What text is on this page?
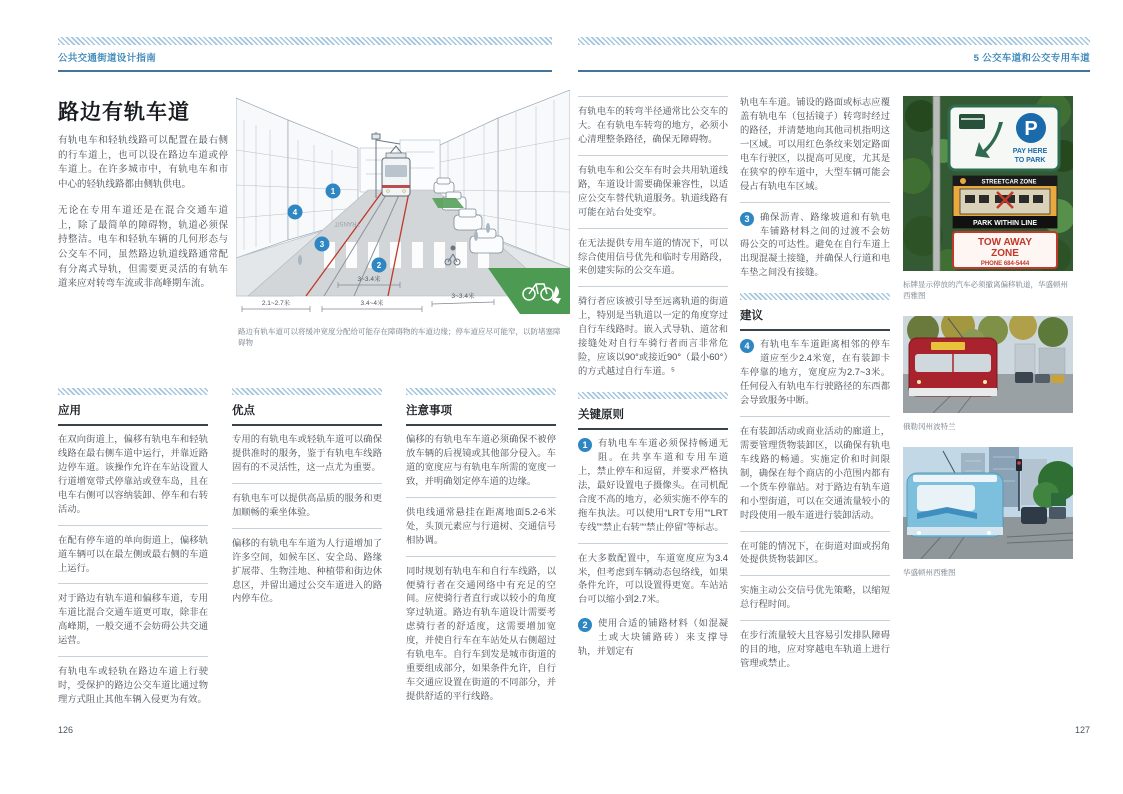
公共交通街道设计指南
路边有轨车道

有轨电车和轻轨线路可以配置在最右侧的行车道上，也可以设在路边车道或停车道上。在许多城市中，有轨电车和市中心的轻轨线路都由侧轨供电。

无论在专用车道还是在混合交通车道上，除了最简单的障碍物，轨道必须保持整洁。电车和轻轨车辆的几何形态与公交车不同，虽然路边轨道线路通常配有分离式导轨，但需要更灵活的有轨车道来应对转弯车流或非高峰期车流。

TRANSIT
1
2
3
4
2.1~2.7米	3.4~4米
3~3.4米
3~3.4米
路边有轨车道可以将缓冲宽度分配给可能存在障碍物的车道边缘；停车道应尽可能窄，以防堵塞障碍物
应用

在双向街道上，偏移有轨电车和轻轨线路在最右侧车道中运行，并靠近路边停车道。该操作允许在车站设置人行道增宽带式停靠站或登车岛，且在电车右侧可以容纳装卸、停车和右转活动。

在配有停车道的单向街道上，偏移轨道车辆可以在最左侧或最右侧的车道上运行。

对于路边有轨车道和偏移车道，专用车道比混合交通车道更可取，除非在高峰期，一般交通不会妨碍公共交通运营。

有轨电车或轻轨在路边车道上行驶时，受保护的路边公交车道比通过物理方式阻止其他车辆入侵更为有效。

优点

专用的有轨电车或轻轨车道可以确保提供准时的服务，鉴于有轨电车线路固有的不灵活性，这一点尤为重要。

有轨电车可以提供高品质的服务和更加顺畅的乘坐体验。

偏移的有轨电车车道为人行道增加了许多空间，如候车区、安全岛、路缘扩展带、生物洼地、种植带和街边休息区，并留出通过公交车道进入的路内停车位。

注意事项

偏移的有轨电车车道必须确保不被停放车辆的后视镜或其他部分侵入。车道的宽度应与有轨电车所需的宽度一致，并明确划定停车道的边缘。

供电线通常悬挂在距离地面5.2-6米处，头顶元素应与行道树、交通信号相协调。

同时规划有轨电车和自行车线路，以便骑行者在交通网络中有充足的空间。应使骑行者直行或以较小的角度穿过轨道。路边有轨车道设计需要考虑骑行者的舒适度，这需要增加宽度，并使自行车在车站处从右侧超过有轨电车。自行车到发是城市街道的重要组成部分，如果条件允许，自行车交通应设置在街道的不同部分，并提供舒适的平行线路。

126
5 公交车道和公交专用车道

有轨电车的转弯半径通常比公交车的大。在有轨电车转弯的地方，必须小心清理整条路径，确保无障碍物。

有轨电车和公交车有时会共用轨道线路，车道设计需要确保兼容性，以适应公交车替代轨道服务。轨道线路有可能在站台处变窄。

在无法提供专用车道的情况下，可以综合使用信号优先和临时专用路段，来创建实际的公交车道。

骑行者应该被引导至远离轨道的街道上，特别是当轨道以一定的角度穿过自行车线路时。嵌入式导轨、道岔和接缝处对自行车骑行者而言非常危险，应该以90°或接近90°（最小60°）的方式越过自行车道。⁵

关键原则
1	有轨电车车道必须保持畅通无阻。在共享车道和专用车道上，禁止停车和逗留，并要求严格执法，最好设置电子摄像头。在司机配合度不高的地方，必须实施不停车的拖车执法。可以使用“LRT专用”“LRT专线”“禁止右转”“禁止停留”等标志。

在大多数配置中，车道宽度应为3.4米，但考虑到车辆动态包络线，如果条件允许，可以设置得更宽。车站站台可以缩小到2.7米。

2	使用合适的铺路材料（如混凝土或大块铺路砖）来支撑导轨，并划定有

轨电车车道。铺设的路面或标志应覆盖有轨电车（包括镜子）转弯时经过的路径，并清楚地向其他司机指明这一区域。可以用红色条纹来划定路面电车行驶区，以提高可见度，尤其是在狭窄的停车道中，大型车辆可能会侵占有轨电车区域。

3	确保沥青、路缘坡道和有轨电车铺路材料之间的过渡不会妨碍公交的可达性。避免在自行车道上出现混凝土接缝，并确保人行道和电车垫之间没有接缝。
建议
4	有轨电车车道距离相邻的停车道应至少2.4米宽，在有装卸卡车停靠的地方，宽度应为2.7~3米。任何侵入有轨电车行驶路径的东西都会导致服务中断。

在有装卸活动或商业活动的廊道上，需要管理货物装卸区，以确保有轨电车线路的畅通。实施定价和时间限制，确保在每个商店的小范围内都有一个货车停靠站。对于路边有轨车道和小型街道，可以在交通流量较小的时段使用一般车道进行装卸活动。

在可能的情况下，在街道对面或拐角处提供货物装卸区。

实施主动公交信号优先策略，以缩短总行程时间。

在步行流量较大且容易引发排队障碍的目的地，应对穿越电车轨道上进行管理或禁止。

P
PAY HERE
TO PARK
STREETCAR ZONE
PARK WITHIN LINE
TOW AWAY
ZONE
PHONE 684-5444
标牌显示停放的汽车必须撤离偏移轨道，华盛顿州西雅图
俄勒冈州波特兰
华盛顿州西雅图
127
